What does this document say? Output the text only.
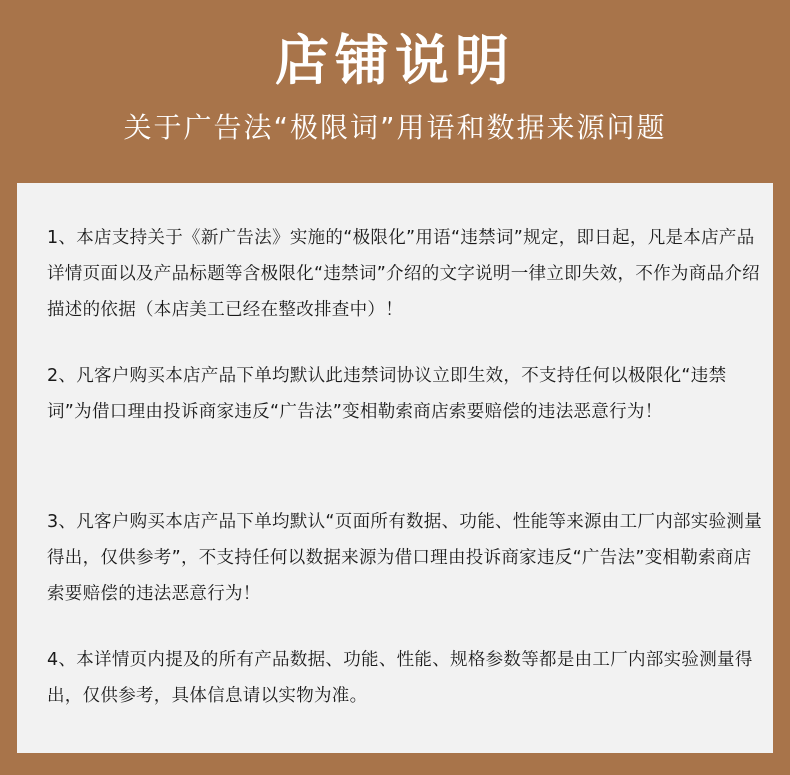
店铺说明
关于广告法“极限词”用语和数据来源问题

1、本店支持关于《新广告法》实施的“极限化”用语“违禁词”规定，即日起，凡是本店产品详情页面以及产品标题等含极限化“违禁词”介绍的文字说明一律立即失效，不作为商品介绍描述的依据（本店美工已经在整改排查中）！

2、凡客户购买本店产品下单均默认此违禁词协议立即生效，不支持任何以极限化“违禁词”为借口理由投诉商家违反“广告法”变相勒索商店索要赔偿的违法恶意行为！

3、凡客户购买本店产品下单均默认“页面所有数据、功能、性能等来源由工厂内部实验测量得出，仅供参考”，不支持任何以数据来源为借口理由投诉商家违反“广告法”变相勒索商店索要赔偿的违法恶意行为！

4、本详情页内提及的所有产品数据、功能、性能、规格参数等都是由工厂内部实验测量得出，仅供参考，具体信息请以实物为准。
